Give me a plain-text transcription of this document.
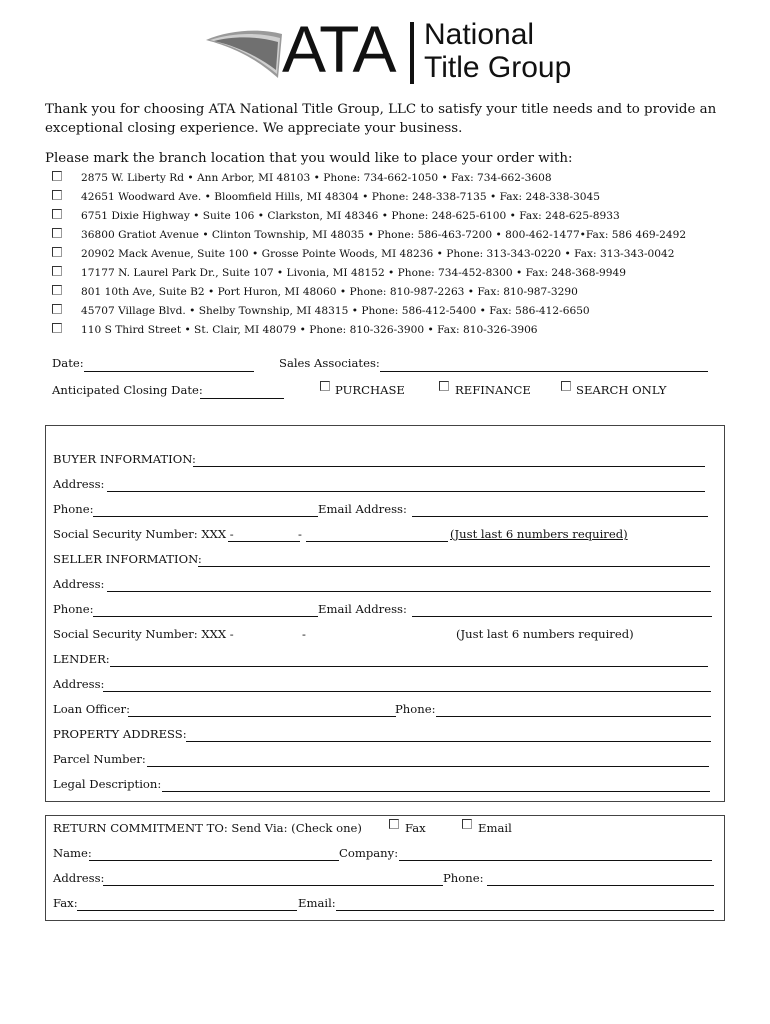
ATA National
Title Group
Thank you for choosing ATA National Title Group, LLC to satisfy your title needs and to provide an exceptional closing experience. We appreciate your business.
Please mark the branch location that you would like to place your order with:
2875 W. Liberty Rd • Ann Arbor, MI 48103 • Phone: 734-662-1050 • Fax: 734-662-3608
42651 Woodward Ave. • Bloomfield Hills, MI 48304 • Phone: 248-338-7135 • Fax: 248-338-3045
6751 Dixie Highway • Suite 106 • Clarkston, MI 48346 • Phone: 248-625-6100 • Fax: 248-625-8933
36800 Gratiot Avenue • Clinton Township, MI 48035 • Phone: 586-463-7200 • 800-462-1477•Fax: 586 469-2492
20902 Mack Avenue, Suite 100 • Grosse Pointe Woods, MI 48236 • Phone: 313-343-0220 • Fax: 313-343-0042
17177 N. Laurel Park Dr., Suite 107 • Livonia, MI 48152 • Phone: 734-452-8300 • Fax: 248-368-9949
801 10th Ave, Suite B2 • Port Huron, MI 48060 • Phone: 810-987-2263 • Fax: 810-987-3290
45707 Village Blvd. • Shelby Township, MI 48315 • Phone: 586-412-5400 • Fax: 586-412-6650
110 S Third Street • St. Clair, MI 48079 • Phone: 810-326-3900 • Fax: 810-326-3906
Date:	Sales Associates:
Anticipated Closing Date:	PURCHASE	REFINANCE	SEARCH ONLY
BUYER INFORMATION:
Address:
Phone:	Email Address:
Social Security Number: XXX -	-	(Just last 6 numbers required)
SELLER INFORMATION:
Address:
Phone:	Email Address:
Social Security Number: XXX -	-	(Just last 6 numbers required)
LENDER:
Address:
Loan Officer:	Phone:
PROPERTY ADDRESS:
Parcel Number:
Legal Description:
RETURN COMMITMENT TO: Send Via: (Check one)	Fax	Email
Name:	Company:
Address:	Phone:
Fax:	Email:
